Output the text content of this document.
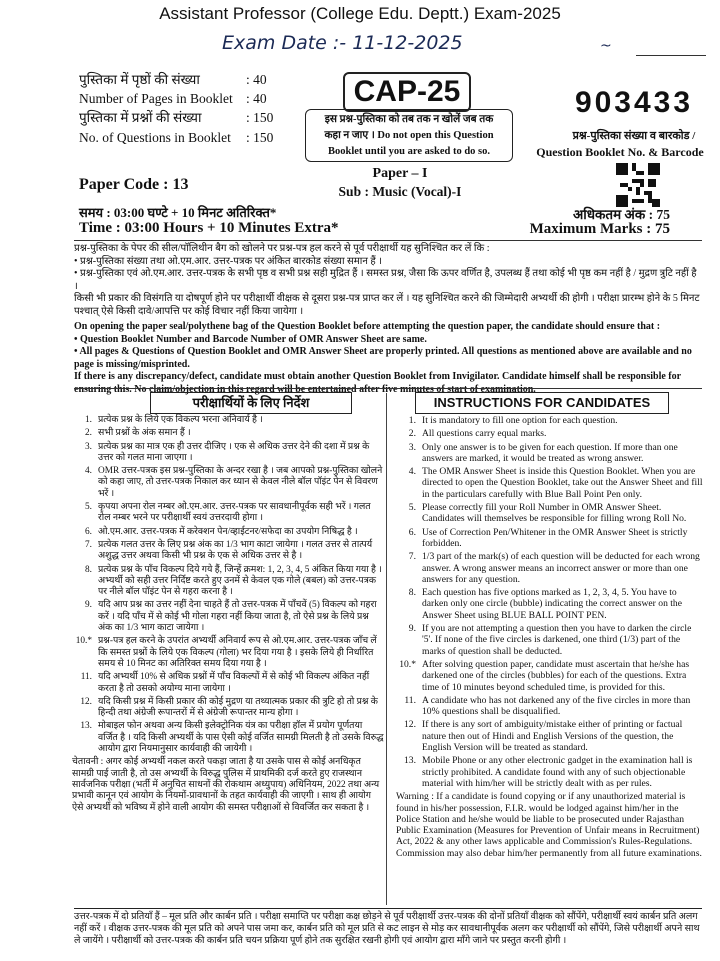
Assistant Professor (College Edu. Deptt.) Exam-2025
Exam Date :- 11-12-2025	~
पुस्तिका में पृष्ठों की संख्या	: 40
Number of Pages in Booklet : 40
पुस्तिका में प्रश्नों की संख्या	: 150
No. of Questions in Booklet : 150
CAP-25
इस प्रश्न-पुस्तिका को तब तक न खोलें जब तक
कहा न जाए । Do not open this Question
Booklet until you are asked to do so.
903433
प्रश्न-पुस्तिका संख्या व बारकोड /
Question Booklet No. & Barcode
Paper Code : 13
Paper – I
Sub : Music (Vocal)-I
समय : 03:00 घण्टे + 10 मिनट अतिरिक्त*
Time : 03:00 Hours + 10 Minutes Extra*
अधिकतम अंक : 75
Maximum Marks : 75
प्रश्न-पुस्तिका के पेपर की सील/पॉलिथीन बैग को खोलने पर प्रश्न-पत्र हल करने से पूर्व परीक्षार्थी यह सुनिश्चित कर लें कि :
• प्रश्न-पुस्तिका संख्या तथा ओ.एम.आर. उत्तर-पत्रक पर अंकित बारकोड संख्या समान हैं ।
• प्रश्न-पुस्तिका एवं ओ.एम.आर. उत्तर-पत्रक के सभी पृष्ठ व सभी प्रश्न सही मुद्रित हैं । समस्त प्रश्न, जैसा कि ऊपर वर्णित है, उपलब्ध हैं तथा कोई भी पृष्ठ कम नहीं है / मुद्रण त्रुटि नहीं है ।
किसी भी प्रकार की विसंगति या दोषपूर्ण होने पर परीक्षार्थी वीक्षक से दूसरा प्रश्न-पत्र प्राप्त कर लें । यह सुनिश्चित करने की जिम्मेदारी अभ्यर्थी की होगी । परीक्षा प्रारम्भ होने के 5 मिनट पश्चात् ऐसे किसी दावे/आपत्ति पर कोई विचार नहीं किया जायेगा ।
On opening the paper seal/polythene bag of the Question Booklet before attempting the question paper, the candidate should ensure that :
• Question Booklet Number and Barcode Number of OMR Answer Sheet are same.
• All pages & Questions of Question Booklet and OMR Answer Sheet are properly printed. All questions as mentioned above are available and no page is missing/misprinted.
If there is any discrepancy/defect, candidate must obtain another Question Booklet from Invigilator. Candidate himself shall be responsible for ensuring this. No claim/objection in this regard will be entertained after five minutes of start of examination.
परीक्षार्थियों के लिए निर्देश
1. प्रत्येक प्रश्न के लिये एक विकल्प भरना अनिवार्य है ।
2. सभी प्रश्नों के अंक समान हैं ।
3. प्रत्येक प्रश्न का मात्र एक ही उत्तर दीजिए । एक से अधिक उत्तर देने की दशा में प्रश्न के उत्तर को गलत माना जाएगा ।
4. OMR उत्तर-पत्रक इस प्रश्न-पुस्तिका के अन्दर रखा है । जब आपको प्रश्न-पुस्तिका खोलने को कहा जाए, तो उत्तर-पत्रक निकाल कर ध्यान से केवल नीले बॉल पॉइंट पेन से विवरण भरें ।
5. कृपया अपना रोल नम्बर ओ.एम.आर. उत्तर-पत्रक पर सावधानीपूर्वक सही भरें । गलत रोल नम्बर भरने पर परीक्षार्थी स्वयं उत्तरदायी होगा ।
6. ओ.एम.आर. उत्तर-पत्रक में करेक्शन पेन/व्हाईटनर/सफेदा का उपयोग निषिद्ध है ।
7. प्रत्येक गलत उत्तर के लिए प्रश्न अंक का 1/3 भाग काटा जायेगा । गलत उत्तर से तात्पर्य अशुद्ध उत्तर अथवा किसी भी प्रश्न के एक से अधिक उत्तर से है ।
8. प्रत्येक प्रश्न के पाँच विकल्प दिये गये हैं, जिन्हें क्रमश: 1, 2, 3, 4, 5 अंकित किया गया है । अभ्यर्थी को सही उत्तर निर्दिष्ट करते हुए उनमें से केवल एक गोले (बबल) को उत्तर-पत्रक पर नीले बॉल पॉइंट पेन से गहरा करना है ।
9. यदि आप प्रश्न का उत्तर नहीं देना चाहते हैं तो उत्तर-पत्रक में पाँचवें (5) विकल्प को गहरा करें । यदि पाँच में से कोई भी गोला गहरा नहीं किया जाता है, तो ऐसे प्रश्न के लिये प्रश्न अंक का 1/3 भाग काटा जायेगा ।
10.* प्रश्न-पत्र हल करने के उपरांत अभ्यर्थी अनिवार्य रूप से ओ.एम.आर. उत्तर-पत्रक जाँच लें कि समस्त प्रश्नों के लिये एक विकल्प (गोला) भर दिया गया है । इसके लिये ही निर्धारित समय से 10 मिनट का अतिरिक्त समय दिया गया है ।
11. यदि अभ्यर्थी 10% से अधिक प्रश्नों में पाँच विकल्पों में से कोई भी विकल्प अंकित नहीं करता है तो उसको अयोग्य माना जायेगा ।
12. यदि किसी प्रश्न में किसी प्रकार की कोई मुद्रण या तथ्यात्मक प्रकार की त्रुटि हो तो प्रश्न के हिन्दी तथा अंग्रेजी रूपान्तरों में से अंग्रेजी रूपान्तर मान्य होगा ।
13. मोबाइल फोन अथवा अन्य किसी इलेक्ट्रोनिक यंत्र का परीक्षा हॉल में प्रयोग पूर्णतया वर्जित है । यदि किसी अभ्यर्थी के पास ऐसी कोई वर्जित सामग्री मिलती है तो उसके विरुद्ध आयोग द्वारा नियमानुसार कार्यवाही की जायेगी ।
चेतावनी : अगर कोई अभ्यर्थी नकल करते पकड़ा जाता है या उसके पास से कोई अनधिकृत सामग्री पाई जाती है, तो उस अभ्यर्थी के विरुद्ध पुलिस में प्राथमिकी दर्ज करते हुए राजस्थान सार्वजनिक परीक्षा (भर्ती में अनुचित साधनों की रोकथाम अध्युपाय) अधिनियम, 2022 तथा अन्य प्रभावी कानून एवं आयोग के नियमों-प्रावधानों के तहत कार्यवाही की जाएगी । साथ ही आयोग ऐसे अभ्यर्थी को भविष्य में होने वाली आयोग की समस्त परीक्षाओं से विवर्जित कर सकता है ।
INSTRUCTIONS FOR CANDIDATES
1. It is mandatory to fill one option for each question.
2. All questions carry equal marks.
3. Only one answer is to be given for each question. If more than one answers are marked, it would be treated as wrong answer.
4. The OMR Answer Sheet is inside this Question Booklet. When you are directed to open the Question Booklet, take out the Answer Sheet and fill in the particulars carefully with Blue Ball Point Pen only.
5. Please correctly fill your Roll Number in OMR Answer Sheet. Candidates will themselves be responsible for filling wrong Roll No.
6. Use of Correction Pen/Whitener in the OMR Answer Sheet is strictly forbidden.
7. 1/3 part of the mark(s) of each question will be deducted for each wrong answer. A wrong answer means an incorrect answer or more than one answers for any question.
8. Each question has five options marked as 1, 2, 3, 4, 5. You have to darken only one circle (bubble) indicating the correct answer on the Answer Sheet using BLUE BALL POINT PEN.
9. If you are not attempting a question then you have to darken the circle '5'. If none of the five circles is darkened, one third (1/3) part of the marks of question shall be deducted.
10.* After solving question paper, candidate must ascertain that he/she has darkened one of the circles (bubbles) for each of the questions. Extra time of 10 minutes beyond scheduled time, is provided for this.
11. A candidate who has not darkened any of the five circles in more than 10% questions shall be disqualified.
12. If there is any sort of ambiguity/mistake either of printing or factual nature then out of Hindi and English Versions of the question, the English Version will be treated as standard.
13. Mobile Phone or any other electronic gadget in the examination hall is strictly prohibited. A candidate found with any of such objectionable material with him/her will be strictly dealt with as per rules.
Warning : If a candidate is found copying or if any unauthorized material is found in his/her possession, F.I.R. would be lodged against him/her in the Police Station and he/she would be liable to be prosecuted under Rajasthan Public Examination (Measures for Prevention of Unfair means in Recruitment) Act, 2022 & any other laws applicable and Commission's Rules-Regulations. Commission may also debar him/her permanently from all future examinations.
उत्तर-पत्रक में दो प्रतियाँ हैं – मूल प्रति और कार्बन प्रति । परीक्षा समाप्ति पर परीक्षा कक्ष छोड़ने से पूर्व परीक्षार्थी उत्तर-पत्रक की दोनों प्रतियाँ वीक्षक को सौंपेंगे, परीक्षार्थी स्वयं कार्बन प्रति अलग नहीं करें । वीक्षक उत्तर-पत्रक की मूल प्रति को अपने पास जमा कर, कार्बन प्रति को मूल प्रति से कट लाइन से मोड़ कर सावधानीपूर्वक अलग कर परीक्षार्थी को सौंपेंगे, जिसे परीक्षार्थी अपने साथ ले जायेंगे । परीक्षार्थी को उत्तर-पत्रक की कार्बन प्रति चयन प्रक्रिया पूर्ण होने तक सुरक्षित रखनी होगी एवं आयोग द्वारा माँगे जाने पर प्रस्तुत करनी होगी ।
